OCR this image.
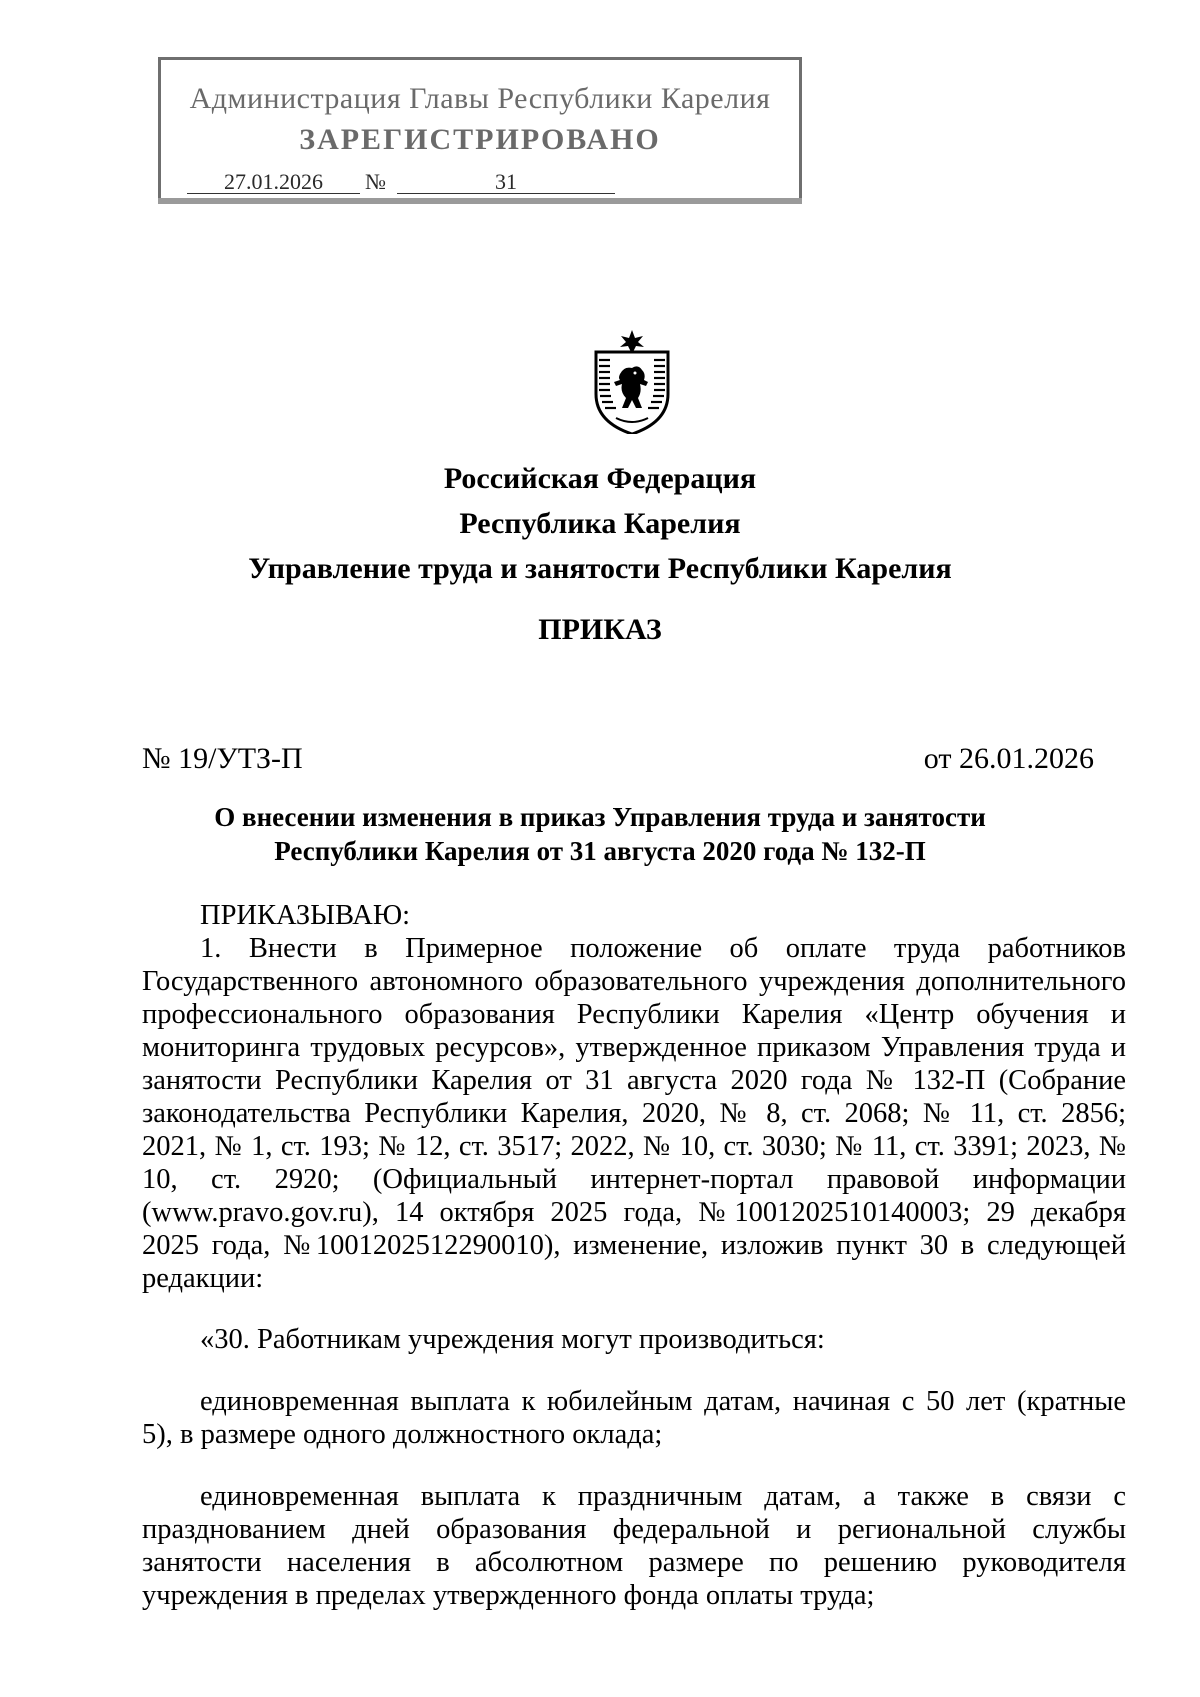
Администрация Главы Республики Карелия
ЗАРЕГИСТРИРОВАНО
27.01.2026	№	31
Российская Федерация
Республика Карелия
Управление труда и занятости Республики Карелия
ПРИКАЗ
№ 19/УТЗ-П	от 26.01.2026
О внесении изменения в приказ Управления труда и занятости
Республики Карелия от 31 августа 2020 года № 132-П
ПРИКАЗЫВАЮ:
1. Внести в Примерное положение об оплате труда работников
Государственного автономного образовательного учреждения дополнительного
профессионального образования Республики Карелия «Центр обучения и
мониторинга трудовых ресурсов», утвержденное приказом Управления труда и
занятости Республики Карелия от 31 августа 2020 года № 132-П (Собрание
законодательства Республики Карелия, 2020, № 8, ст. 2068; № 11, ст. 2856;
2021, № 1, ст. 193; № 12, ст. 3517; 2022, № 10, ст. 3030; № 11, ст. 3391; 2023, №
10, ст. 2920; (Официальный интернет-портал правовой информации
(www.pravo.gov.ru), 14 октября 2025 года, №1001202510140003; 29 декабря
2025 года, №1001202512290010), изменение, изложив пункт 30 в следующей
редакции:
«30. Работникам учреждения могут производиться:
единовременная выплата к юбилейным датам, начиная с 50 лет (кратные
5), в размере одного должностного оклада;
единовременная выплата к праздничным датам, а также в связи с
празднованием дней образования федеральной и региональной службы
занятости населения в абсолютном размере по решению руководителя
учреждения в пределах утвержденного фонда оплаты труда;
